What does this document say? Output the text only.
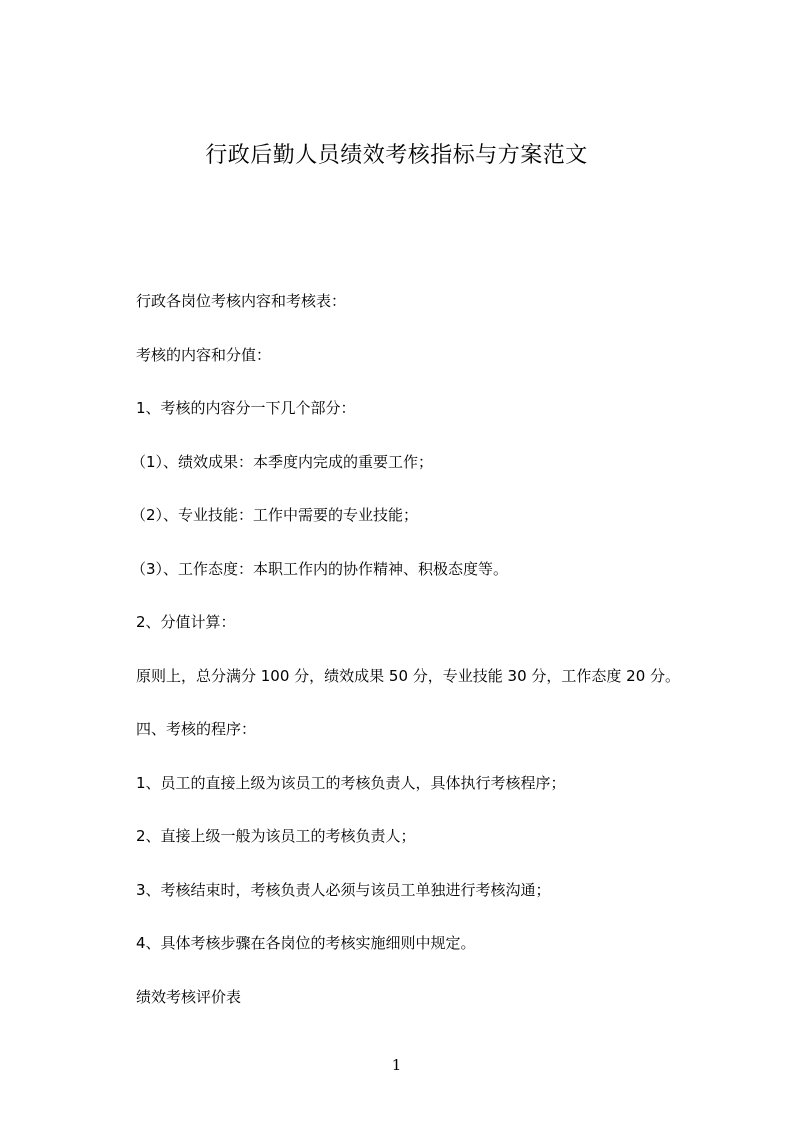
行政后勤人员绩效考核指标与方案范文
行政各岗位考核内容和考核表：
考核的内容和分值：
1、考核的内容分一下几个部分：
（1）、绩效成果：本季度内完成的重要工作；
（2）、专业技能：工作中需要的专业技能；
（3）、工作态度：本职工作内的协作精神、积极态度等。
2、分值计算：
原则上，总分满分 100 分，绩效成果 50 分，专业技能 30 分，工作态度 20 分。
四、考核的程序：
1、员工的直接上级为该员工的考核负责人，具体执行考核程序；
2、直接上级一般为该员工的考核负责人；
3、考核结束时，考核负责人必须与该员工单独进行考核沟通；
4、具体考核步骤在各岗位的考核实施细则中规定。
绩效考核评价表
1
